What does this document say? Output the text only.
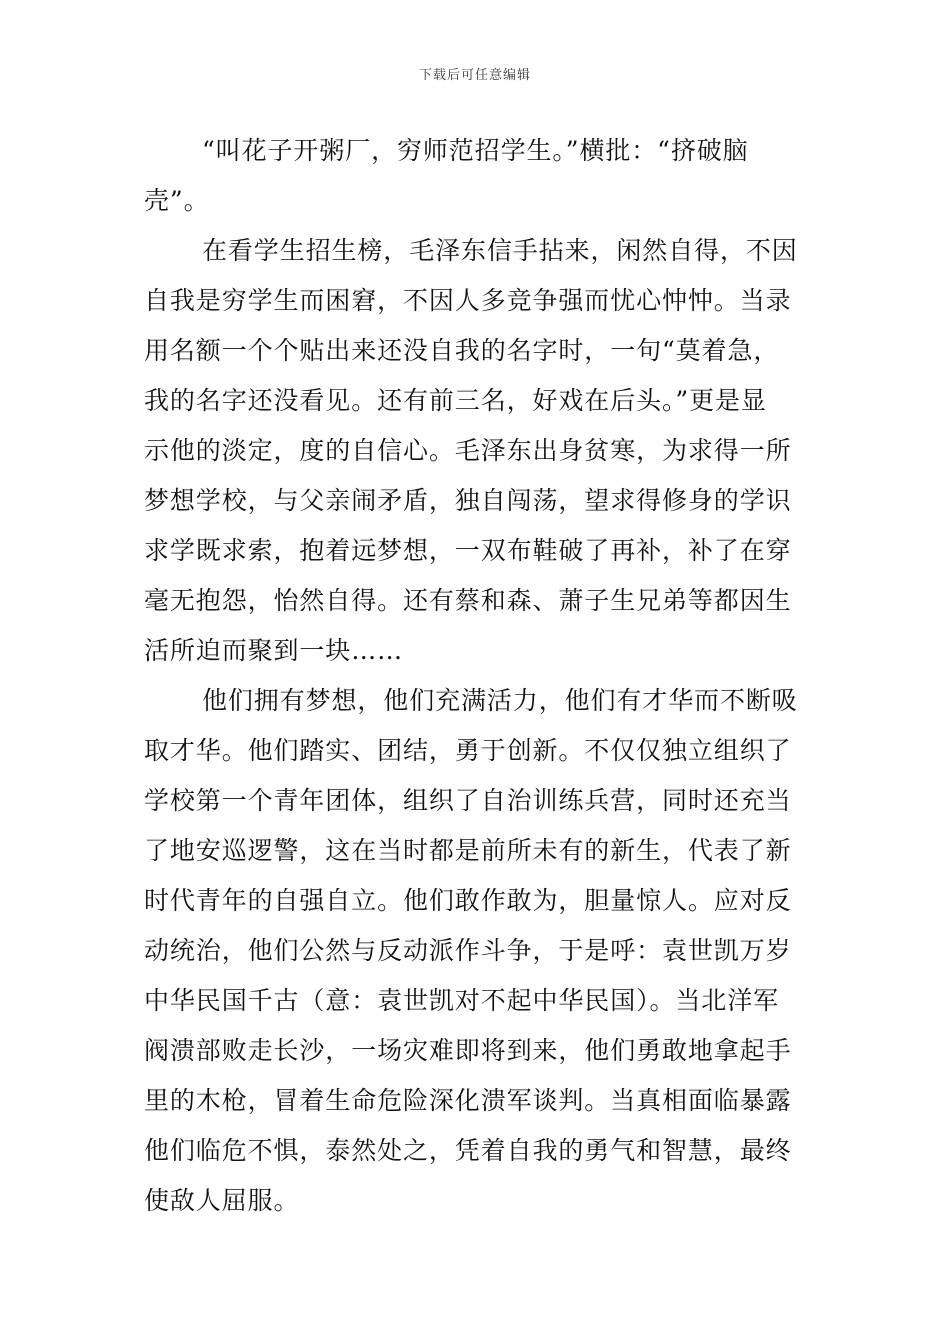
下载后可任意编辑
“叫花子开粥厂，穷师范招学生。”横批：“挤破脑
壳”。
在看学生招生榜，毛泽东信手拈来，闲然自得，不因
自我是穷学生而困窘，不因人多竞争强而忧心忡忡。当录
用名额一个个贴出来还没自我的名字时，一句“莫着急，
我的名字还没看见。还有前三名，好戏在后头。”更是显
示他的淡定，度的自信心。毛泽东出身贫寒，为求得一所
梦想学校，与父亲闹矛盾，独自闯荡，望求得修身的学识
求学既求索，抱着远梦想，一双布鞋破了再补，补了在穿
毫无抱怨，怡然自得。还有蔡和森、萧子生兄弟等都因生
活所迫而聚到一块……
他们拥有梦想，他们充满活力，他们有才华而不断吸
取才华。他们踏实、团结，勇于创新。不仅仅独立组织了
学校第一个青年团体，组织了自治训练兵营，同时还充当
了地安巡逻警，这在当时都是前所未有的新生，代表了新
时代青年的自强自立。他们敢作敢为，胆量惊人。应对反
动统治，他们公然与反动派作斗争，于是呼：袁世凯万岁
中华民国千古（意：袁世凯对不起中华民国）。当北洋军
阀溃部败走长沙，一场灾难即将到来，他们勇敢地拿起手
里的木枪，冒着生命危险深化溃军谈判。当真相面临暴露
他们临危不惧，泰然处之，凭着自我的勇气和智慧，最终
使敌人屈服。
